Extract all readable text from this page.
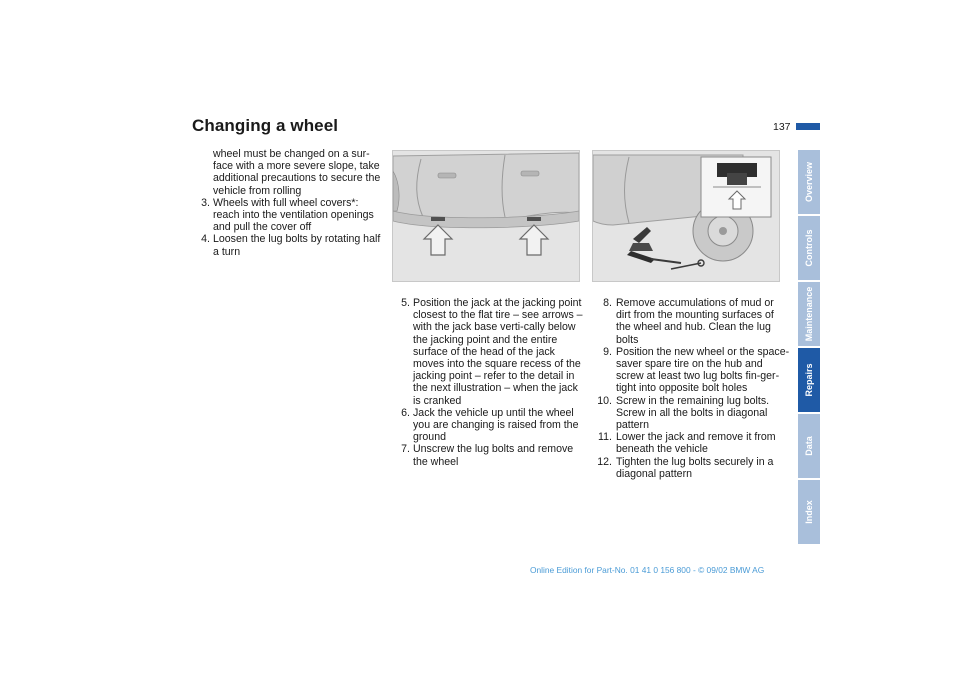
Changing a wheel	137
wheel must be changed on a sur-face with a more severe slope, take additional precautions to secure the vehicle from rolling
3. Wheels with full wheel covers*: reach into the ventilation openings and pull the cover off
4. Loosen the lug bolts by rotating half a turn
5. Position the jack at the jacking point closest to the flat tire – see arrows – with the jack base verti-cally below the jacking point and the entire surface of the head of the jack moves into the square recess of the jacking point – refer to the detail in the next illustration – when the jack is cranked
6. Jack the vehicle up until the wheel you are changing is raised from the ground
7. Unscrew the lug bolts and remove the wheel
8. Remove accumulations of mud or dirt from the mounting surfaces of the wheel and hub. Clean the lug bolts
9. Position the new wheel or the space-saver spare tire on the hub and screw at least two lug bolts fin-ger-tight into opposite bolt holes
10. Screw in the remaining lug bolts. Screw in all the bolts in diagonal pattern
11. Lower the jack and remove it from beneath the vehicle
12. Tighten the lug bolts securely in a diagonal pattern
Overview
Controls
Maintenance
Repairs
Data
Index
Online Edition for Part-No. 01 41 0 156 800 - © 09/02 BMW AG
